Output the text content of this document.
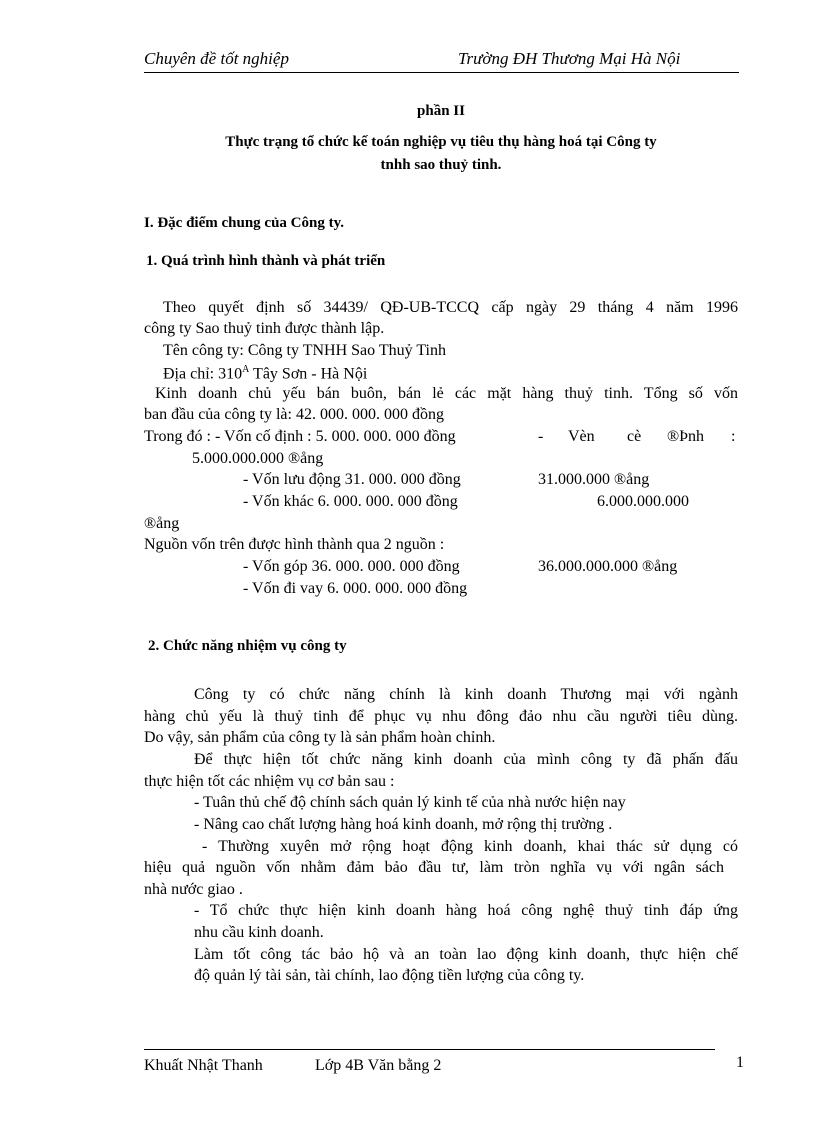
Chuyên đề tốt nghiệp	Trường ĐH Thương Mại Hà Nội
phần II
Thực trạng tổ chức kế toán nghiệp vụ tiêu thụ hàng hoá tại Công ty
tnhh sao thuỷ tinh.
I. Đặc điểm chung của Công ty.
1. Quá trình hình thành và phát triển
Theo quyết định số 34439/ QĐ-UB-TCCQ cấp ngày 29 tháng 4 năm 1996
công ty Sao thuỷ tinh được thành lập.
Tên công ty: Công ty TNHH Sao Thuỷ Tinh
Địa chỉ: $310^A$ Tây Sơn - Hà Nội
Kinh doanh chủ yếu bán buôn, bán lẻ các mặt hàng thuỷ tinh. Tổng số vốn
ban đầu của công ty là: 42. 000. 000. 000 đồng
Trong đó : - Vốn cố định : 5. 000. 000. 000 đồng	- Vèn cè ®Þnh :
5.000.000.000 ®ång
- Vốn lưu động 31. 000. 000 đồng	31.000.000 ®ång
- Vốn khác 6. 000. 000. 000 đồng	6.000.000.000
®ång
Nguồn vốn trên được hình thành qua 2 nguồn :
- Vốn góp 36. 000. 000. 000 đồng	36.000.000.000 ®ång
- Vốn đi vay 6. 000. 000. 000 đồng
2. Chức năng nhiệm vụ công ty
Công ty có chức năng chính là kinh doanh Thương mại với ngành
hàng chủ yếu là thuỷ tinh để phục vụ nhu đông đảo nhu cầu người tiêu dùng.
Do vậy, sản phẩm của công ty là sản phẩm hoàn chỉnh.
Để thực hiện tốt chức năng kinh doanh của mình công ty đã phấn đấu
thực hiện tốt các nhiệm vụ cơ bản sau :
- Tuân thủ chế độ chính sách quản lý kinh tế của nhà nước hiện nay
- Nâng cao chất lượng hàng hoá kinh doanh, mở rộng thị trường .
- Thường xuyên mở rộng hoạt động kinh doanh, khai thác sử dụng có
hiệu quả nguồn vốn nhằm đảm bảo đầu tư, làm tròn nghĩa vụ với ngân sách
nhà nước giao .
- Tổ chức thực hiện kinh doanh hàng hoá công nghệ thuỷ tinh đáp ứng
nhu cầu kinh doanh.
Làm tốt công tác bảo hộ và an toàn lao động kinh doanh, thực hiện chế
độ quản lý tài sản, tài chính, lao động tiền lượng của công ty.
Khuất Nhật Thanh	Lớp 4B Văn bằng 2	1
